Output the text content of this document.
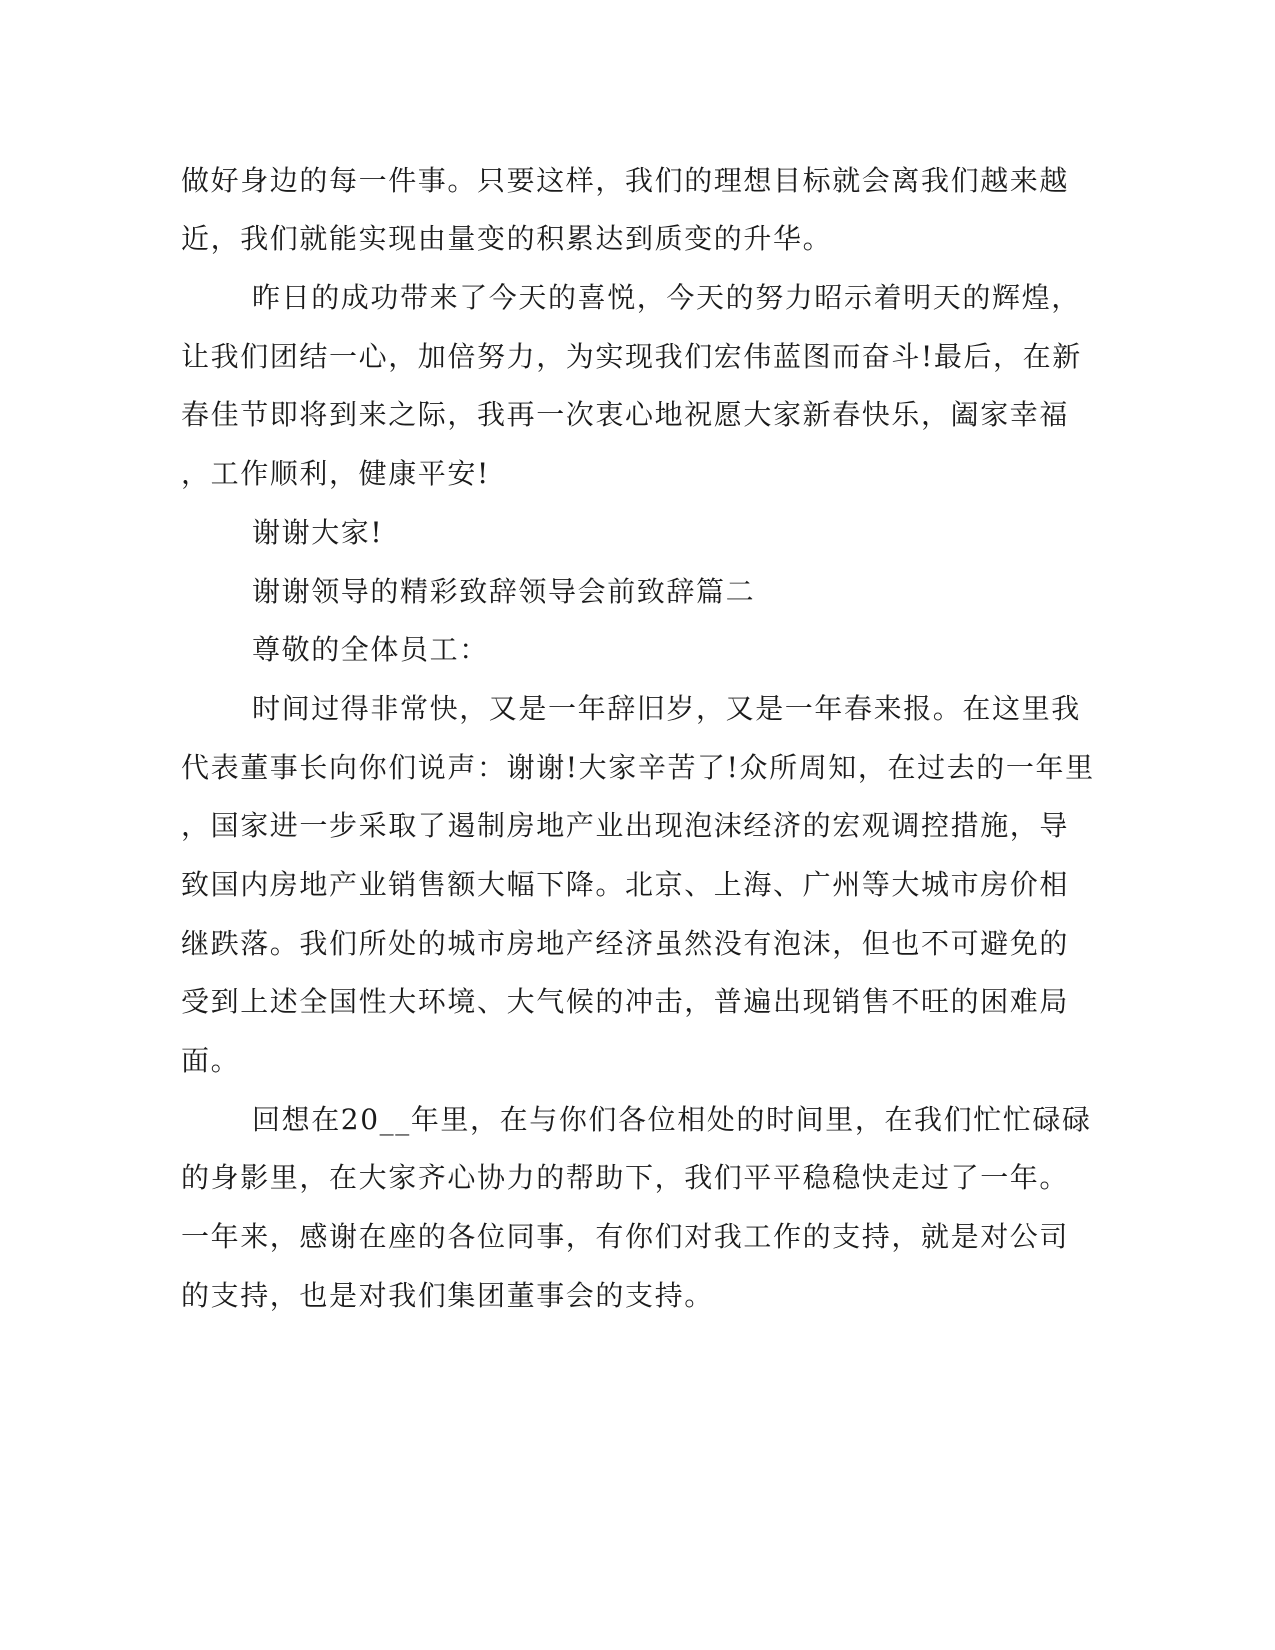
做好身边的每一件事。只要这样，我们的理想目标就会离我们越来越

近，我们就能实现由量变的积累达到质变的升华。

昨日的成功带来了今天的喜悦，今天的努力昭示着明天的辉煌，

让我们团结一心，加倍努力，为实现我们宏伟蓝图而奋斗!最后，在新

春佳节即将到来之际，我再一次衷心地祝愿大家新春快乐，阖家幸福

，工作顺利，健康平安!

谢谢大家!

谢谢领导的精彩致辞领导会前致辞篇二

尊敬的全体员工：

时间过得非常快，又是一年辞旧岁，又是一年春来报。在这里我

代表董事长向你们说声：谢谢!大家辛苦了!众所周知，在过去的一年里

，国家进一步采取了遏制房地产业出现泡沫经济的宏观调控措施，导

致国内房地产业销售额大幅下降。北京、上海、广州等大城市房价相

继跌落。我们所处的城市房地产经济虽然没有泡沫，但也不可避免的

受到上述全国性大环境、大气候的冲击，普遍出现销售不旺的困难局

面。

回想在20__年里，在与你们各位相处的时间里，在我们忙忙碌碌

的身影里，在大家齐心协力的帮助下，我们平平稳稳快走过了一年。

一年来，感谢在座的各位同事，有你们对我工作的支持，就是对公司

的支持，也是对我们集团董事会的支持。
